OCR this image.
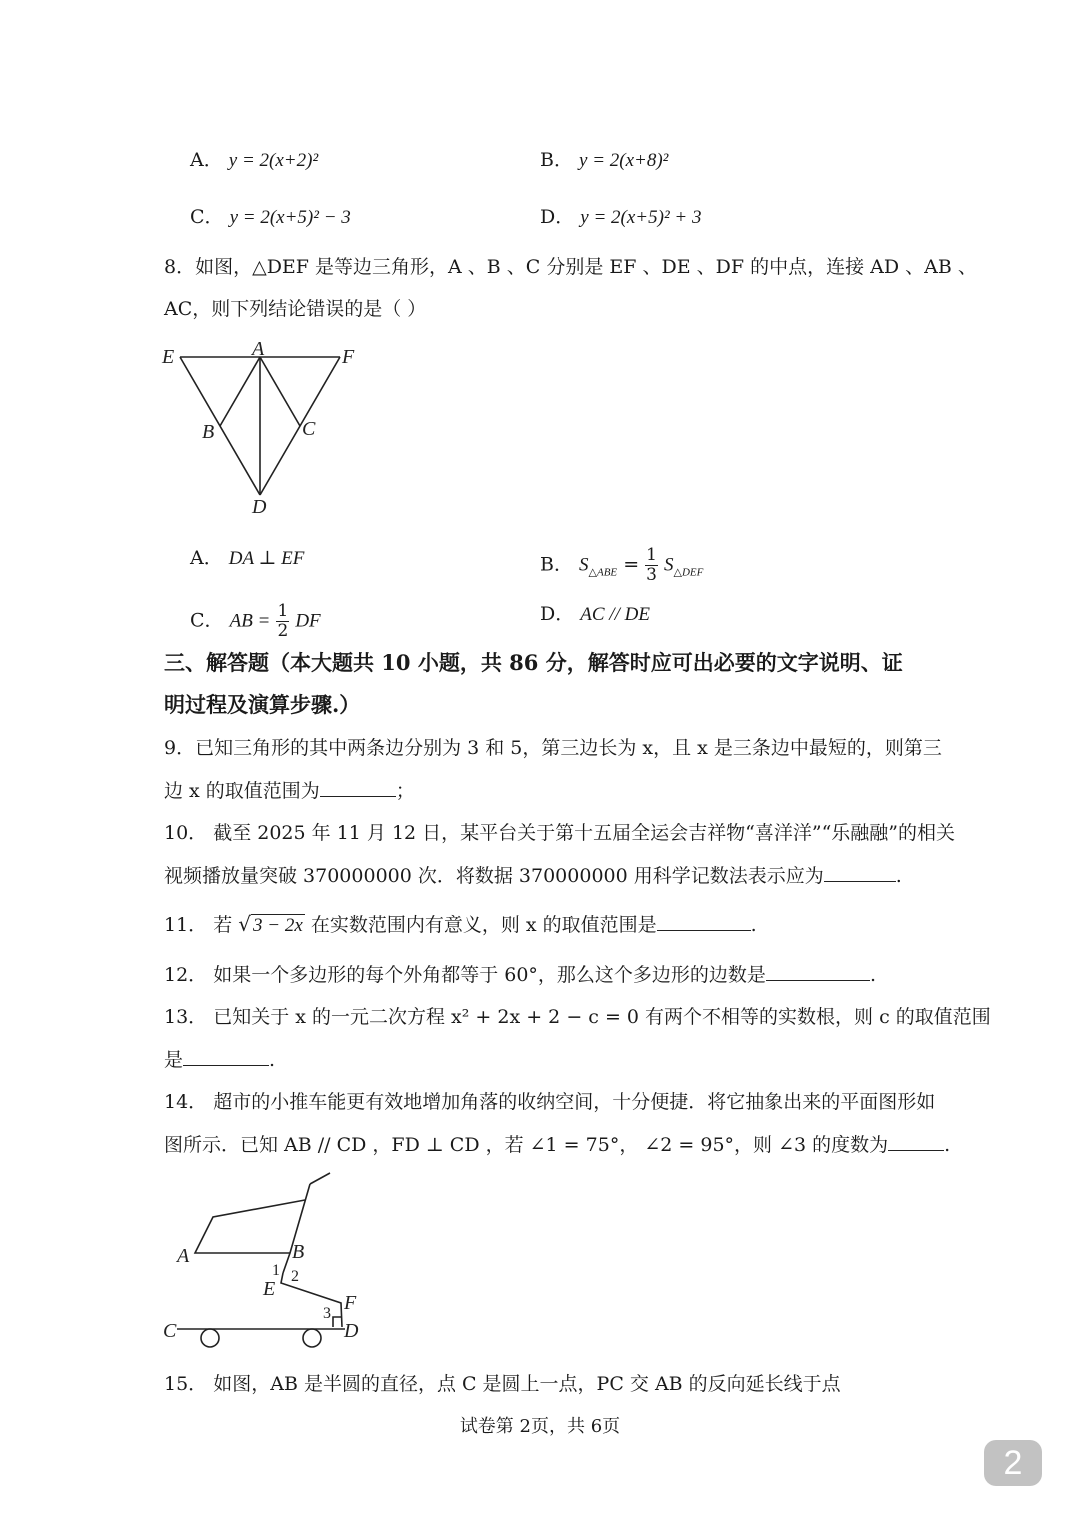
A． y = 2(x+2)²	B． y = 2(x+8)²
C． y = 2(x+5)² − 3	D． y = 2(x+5)² + 3
8．如图，△DEF 是等边三角形，A 、B 、C 分别是 EF 、DE 、DF 的中点，连接 AD 、AB 、
AC，则下列结论错误的是（ ）
E	A	F
B	C
D
A． DA ⊥ EF	B． $S_{\triangle ABE} = \frac{1}{3} S_{\triangle DEF}$
C． AB = $\frac{1}{2}$ DF	D． AC // DE
三、解答题（本大题共 10 小题，共 86 分，解答时应可出必要的文字说明、证
明过程及演算步骤.）
9．已知三角形的其中两条边分别为 3 和 5，第三边长为 x，且 x 是三条边中最短的，则第三
边 x 的取值范围为	；
10． 截至 2025 年 11 月 12 日，某平台关于第十五届全运会吉祥物“喜洋洋”“乐融融”的相关
视频播放量突破 370000000 次．将数据 370000000 用科学记数法表示应为	.
11． 若 √ 3 − 2x 在实数范围内有意义，则 x 的取值范围是	.
12． 如果一个多边形的每个外角都等于 60°，那么这个多边形的边数是	.
13． 已知关于 x 的一元二次方程 x² + 2x + 2 − c = 0 有两个不相等的实数根，则 c 的取值范围
是	.
14． 超市的小推车能更有效地增加角落的收纳空间，十分便捷．将它抽象出来的平面图形如
图所示．已知 AB // CD ，FD ⊥ CD ，若 ∠1 = 75°， ∠2 = 95°，则 ∠3 的度数为	.
A	B
E
F
C	D
1 2
3
15． 如图，AB 是半圆的直径，点 C 是圆上一点，PC 交 AB 的反向延长线于点
试卷第 2页，共 6页
2
